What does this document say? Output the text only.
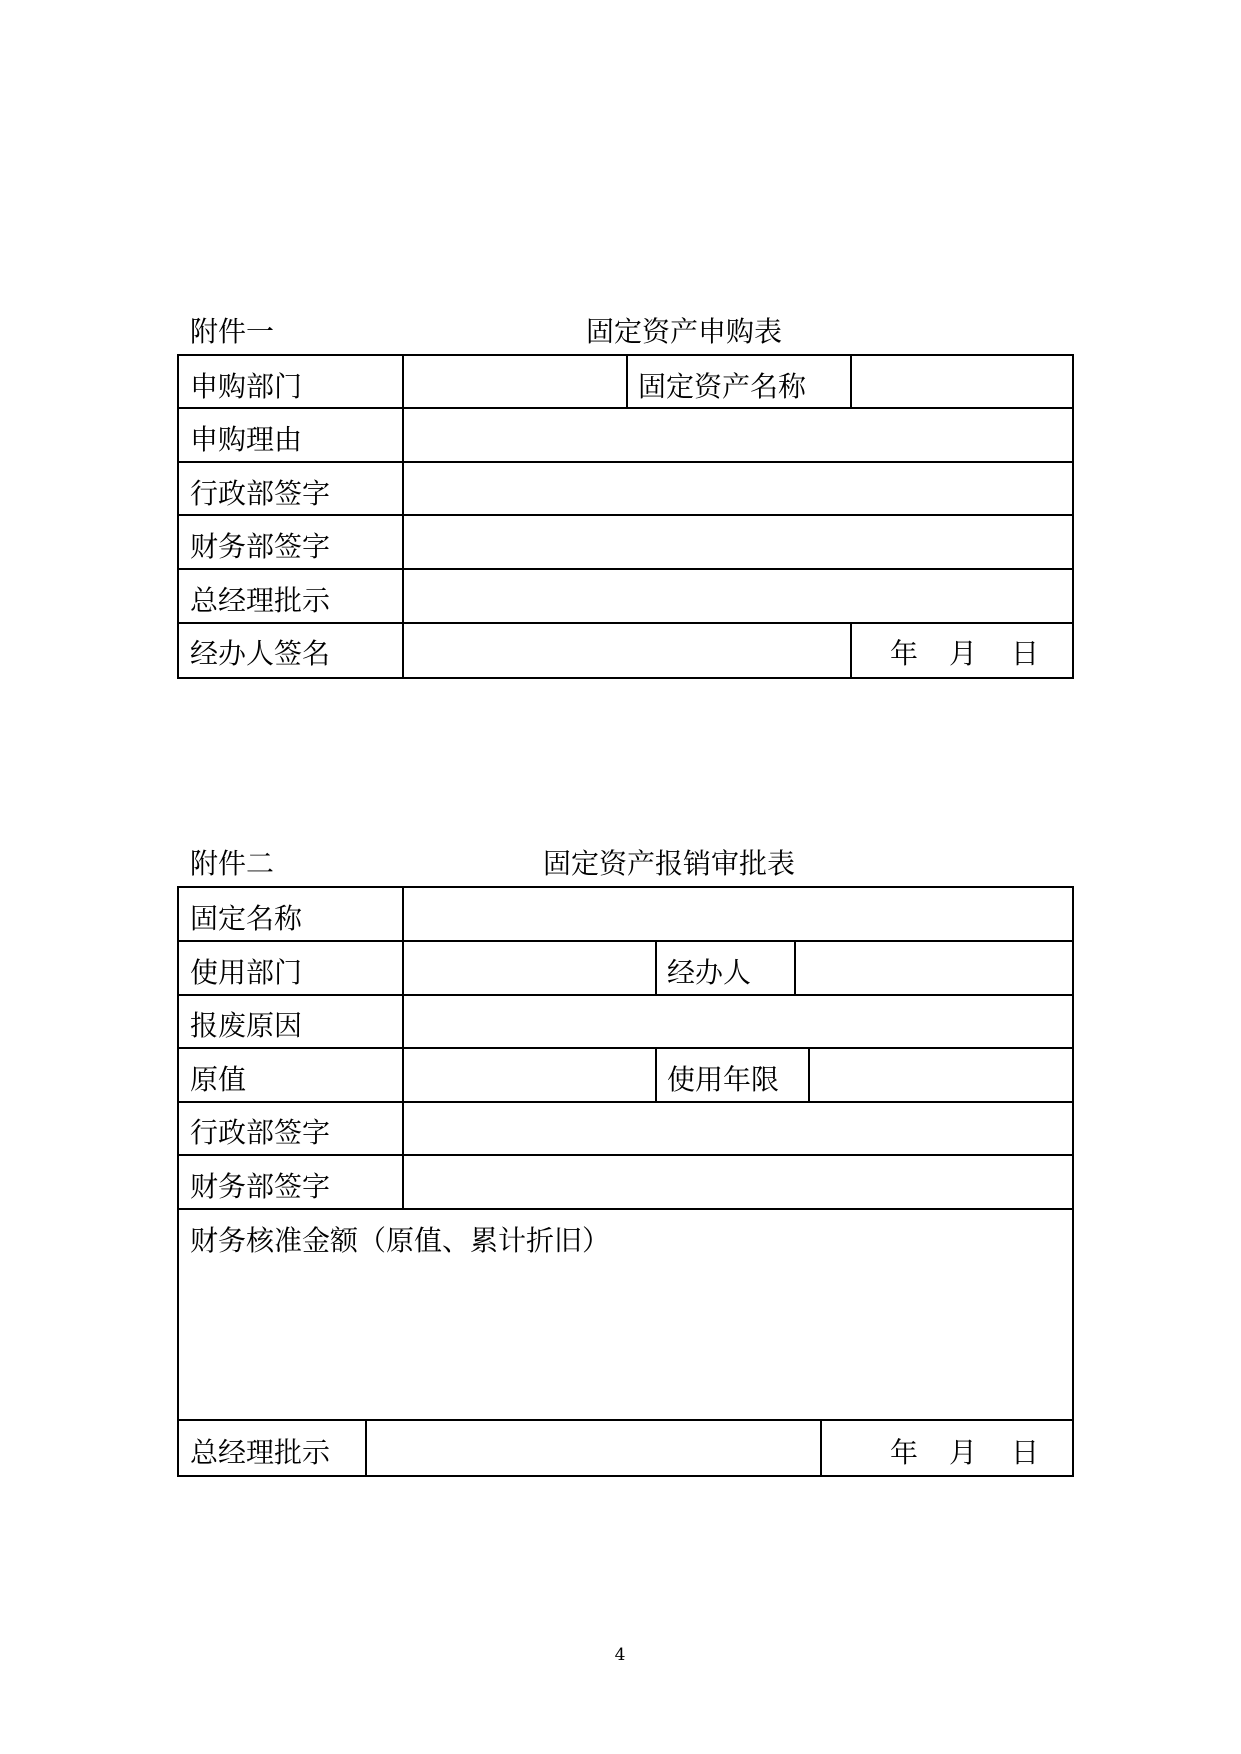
附件一	固定资产申购表
申购部门	固定资产名称
申购理由
行政部签字
财务部签字
总经理批示
经办人签名	年 月 日
附件二	固定资产报销审批表
固定名称
使用部门	经办人
报废原因
原值	使用年限
行政部签字
财务部签字
财务核准金额（原值、累计折旧）
总经理批示	年 月 日
4
